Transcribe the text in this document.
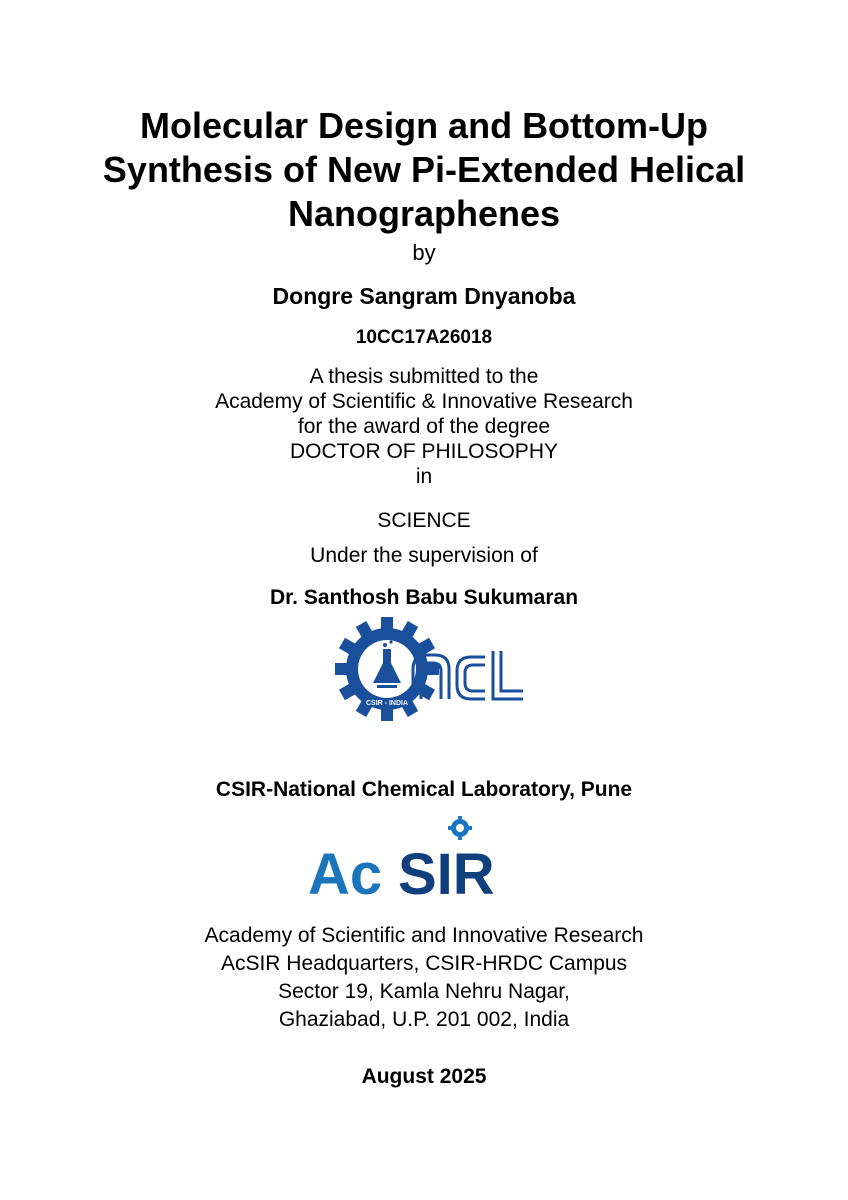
Molecular Design and Bottom-Up
Synthesis of New Pi-Extended Helical
Nanographenes
by
Dongre Sangram Dnyanoba
10CC17A26018
A thesis submitted to the
Academy of Scientific & Innovative Research
for the award of the degree
DOCTOR OF PHILOSOPHY
in
SCIENCE
Under the supervision of
Dr. Santhosh Babu Sukumaran
CSIR - INDIA
CSIR-National Chemical Laboratory, Pune
Ac SIR
Academy of Scientific and Innovative Research
AcSIR Headquarters, CSIR-HRDC Campus
Sector 19, Kamla Nehru Nagar,
Ghaziabad, U.P. 201 002, India
August 2025
